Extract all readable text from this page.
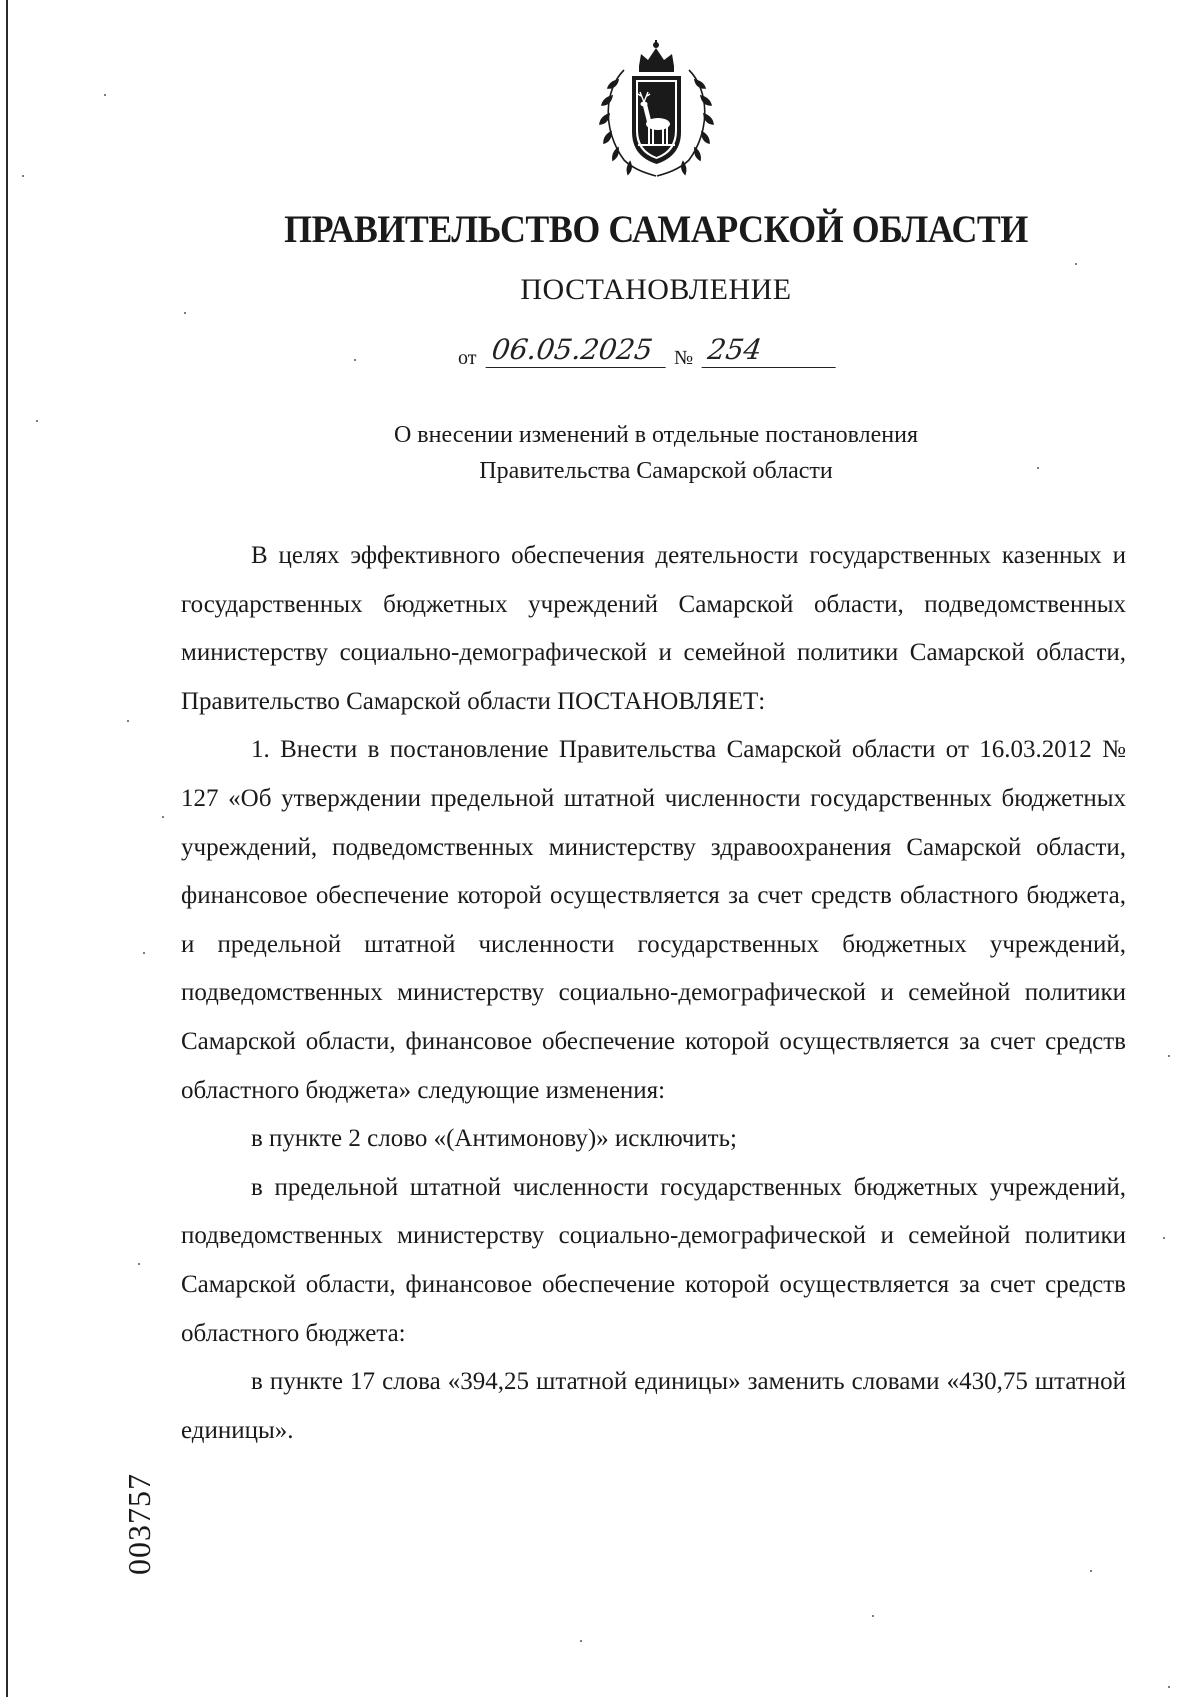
ПРАВИТЕЛЬСТВО САМАРСКОЙ ОБЛАСТИ
ПОСТАНОВЛЕНИЕ
от 06.05.2025 № 254
О внесении изменений в отдельные постановления
Правительства Самарской области

В целях эффективного обеспечения деятельности государственных казенных и государственных бюджетных учреждений Самарской области, подведомственных министерству социально-демографической и семейной политики Самарской области, Правительство Самарской области ПОСТАНОВЛЯЕТ:

1. Внести в постановление Правительства Самарской области от 16.03.2012 № 127 «Об утверждении предельной штатной численности государственных бюджетных учреждений, подведомственных министерству здравоохранения Самарской области, финансовое обеспечение которой осуществляется за счет средств областного бюджета, и предельной штатной численности государственных бюджетных учреждений, подведомственных министерству социально-демографической и семейной политики Самарской области, финансовое обеспечение которой осуществляется за счет средств областного бюджета» следующие изменения:

в пункте 2 слово «(Антимонову)» исключить;

в предельной штатной численности государственных бюджетных учреждений, подведомственных министерству социально-демографической и семейной политики Самарской области, финансовое обеспечение которой осуществляется за счет средств областного бюджета:

в пункте 17 слова «394,25 штатной единицы» заменить словами «430,75 штатной единицы».

003757
